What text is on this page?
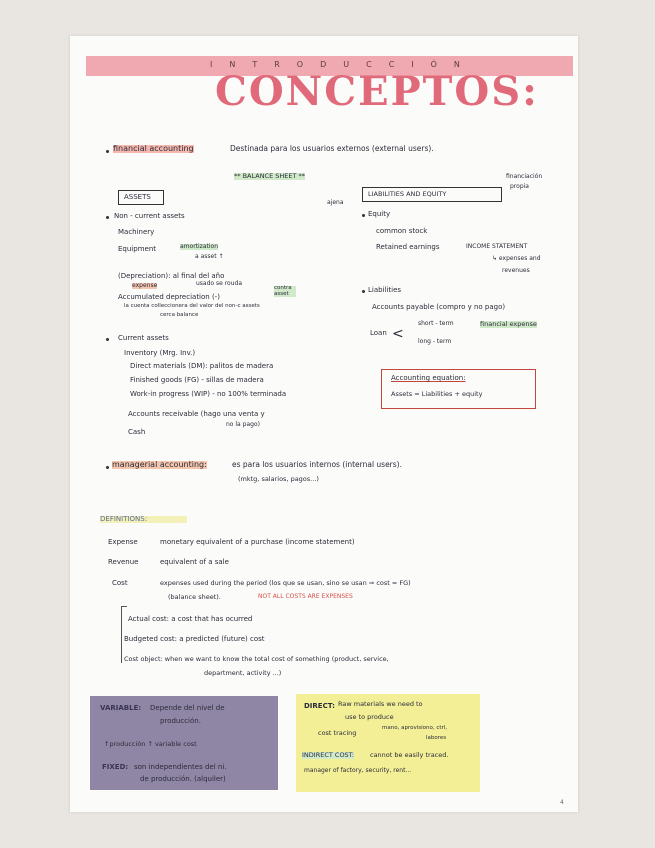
INTRODUCCIÓN
CONCEPTOS:
financial accounting	Destinada para los usuarios externos (external users).
** BALANCE SHEET **
ASSETS
Non - current assets
Machinery
Equipment	amortization
a asset ↑
(Depreciation): al final del año
usado se rouda
expense
Accumulated depreciation (-)
contra asset
la cuenta colleccionera del valor del non-c assets
cerca balance
Current assets
Inventory (Mrg. Inv.)
Direct materials (DM): palitos de madera
Finished goods (FG) - sillas de madera
Work-in progress (WIP) - no 100% terminada
Accounts receivable (hago una venta y
no la pago)
Cash
financiación
propia
ajena
LIABILITIES AND EQUITY
Equity
common stock
Retained earnings	INCOME STATEMENT
↳ expenses and
revenues
Liabilities
Accounts payable (compro y no pago)
Loan <
short - term
long - term
financial expense
Accounting equation:
Assets = Liabilities + equity
managerial accounting:	es para los usuarios internos (internal users).
(mktg, salarios, pagos...)
DEFINITIONS:
Expense	monetary equivalent of a purchase (income statement)
Revenue	equivalent of a sale
Cost	expenses used during the period (los que se usan, sino se usan ⇒ cost = FG)
(balance sheet).	NOT ALL COSTS ARE EXPENSES
Actual cost: a cost that has ocurred
Budgeted cost: a predicted (future) cost
Cost object: when we want to know the total cost of something (product, service,
department, activity ...)
VARIABLE: Depende del nivel de
producción.
↑producción ↑ variable cost
FIXED: son independientes del ni.
de producción. (alquiler)
DIRECT: Raw materials we need to
use to produce
cost tracing
mano, aprovisiono, ctrl,
labores
INDIRECT COST: cannot be easily traced.
manager of factory, security, rent...
4
